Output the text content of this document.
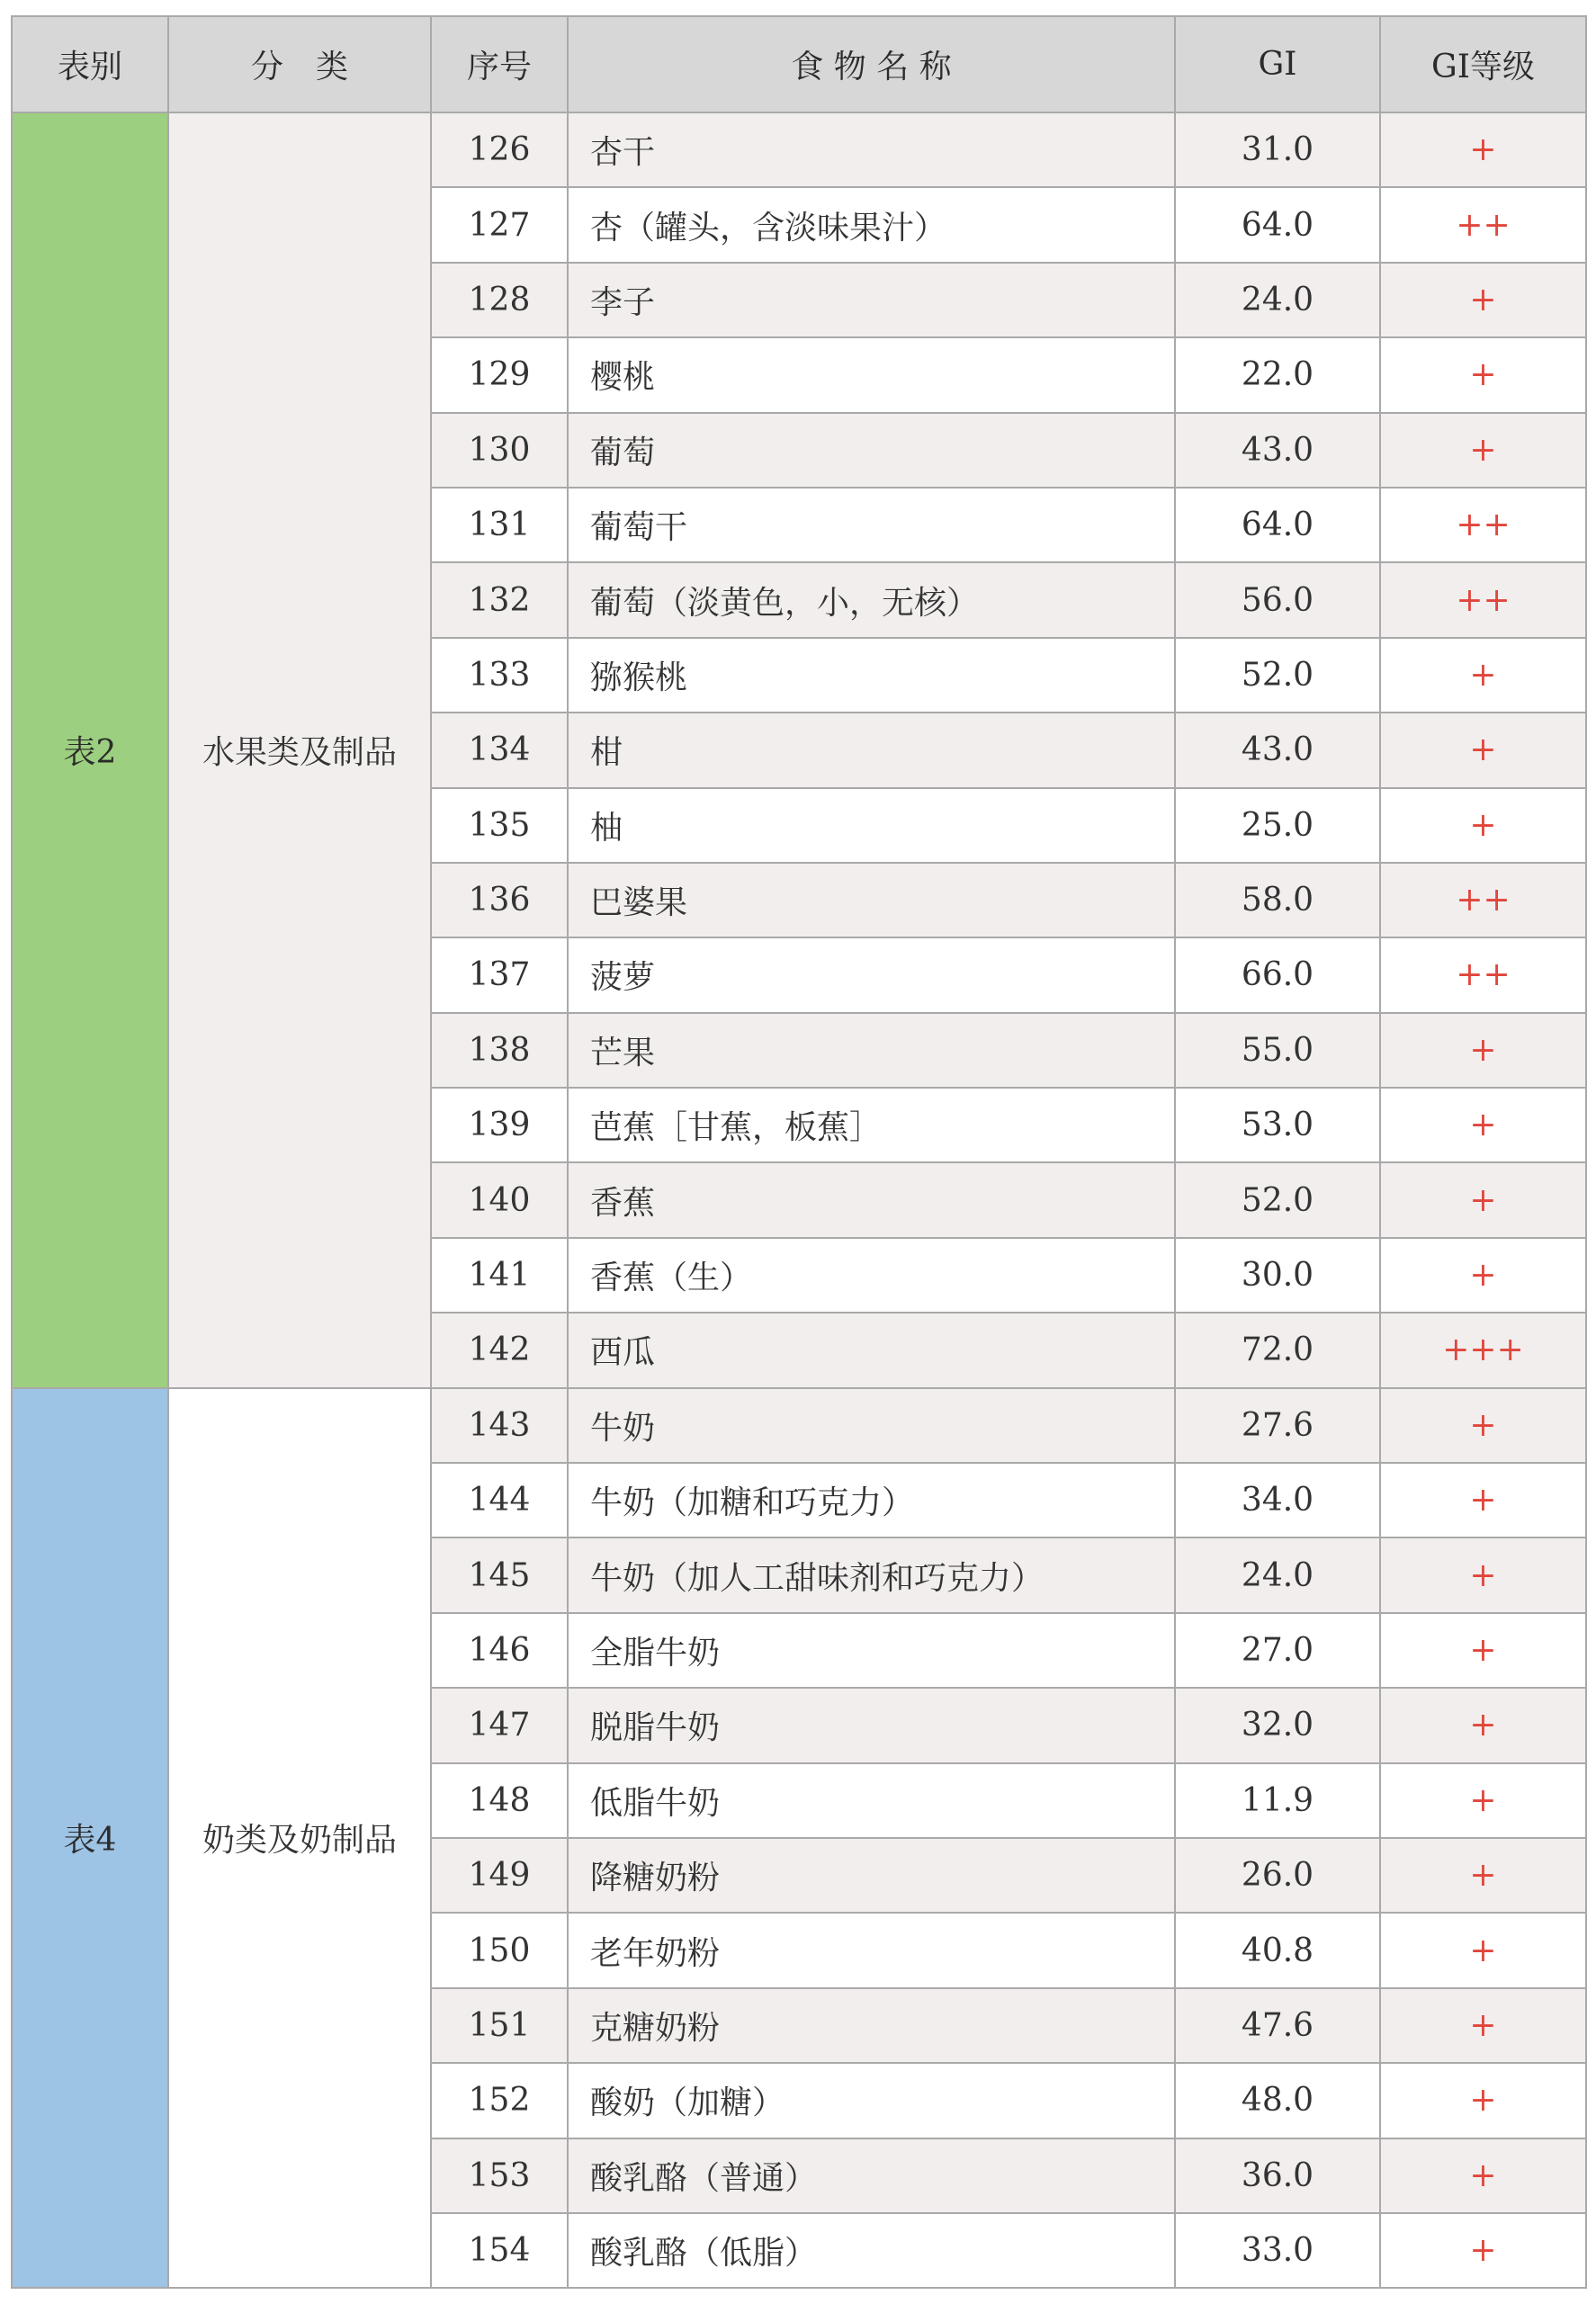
表别	分　类	序号	食 物 名 称	GI	GI等级
表2	水果类及制品	126	杏干	31.0	+
		127	杏（罐头，含淡味果汁）	64.0	++
		128	李子	24.0	+
		129	樱桃	22.0	+
		130	葡萄	43.0	+
		131	葡萄干	64.0	++
		132	葡萄（淡黄色，小，无核）	56.0	++
		133	猕猴桃	52.0	+
		134	柑	43.0	+
		135	柚	25.0	+
		136	巴婆果	58.0	++
		137	菠萝	66.0	++
		138	芒果	55.0	+
		139	芭蕉［甘蕉，板蕉］	53.0	+
		140	香蕉	52.0	+
		141	香蕉（生）	30.0	+
		142	西瓜	72.0	+++
表4	奶类及奶制品	143	牛奶	27.6	+
		144	牛奶（加糖和巧克力）	34.0	+
		145	牛奶（加人工甜味剂和巧克力）	24.0	+
		146	全脂牛奶	27.0	+
		147	脱脂牛奶	32.0	+
		148	低脂牛奶	11.9	+
		149	降糖奶粉	26.0	+
		150	老年奶粉	40.8	+
		151	克糖奶粉	47.6	+
		152	酸奶（加糖）	48.0	+
		153	酸乳酪（普通）	36.0	+
		154	酸乳酪（低脂）	33.0	+
